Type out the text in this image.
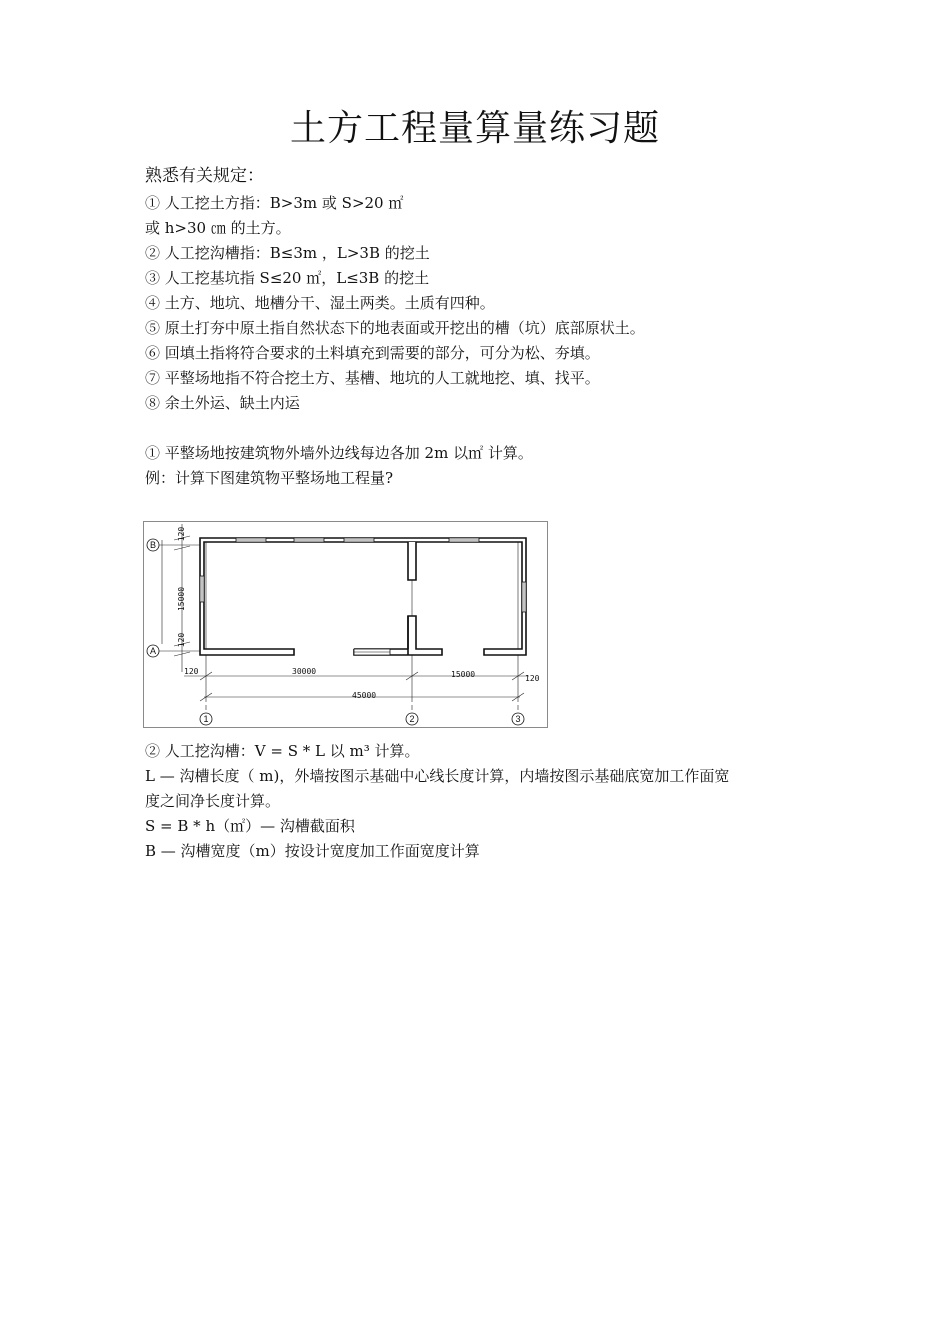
土方工程量算量练习题
熟悉有关规定：
① 人工挖土方指：B>3m 或 S>20 ㎡
或 h>30 ㎝ 的土方。
② 人工挖沟槽指：B≤3m ，L>3B 的挖土
③ 人工挖基坑指 S≤20 ㎡，L≤3B 的挖土
④ 土方、地坑、地槽分干、湿土两类。土质有四种。
⑤ 原土打夯中原土指自然状态下的地表面或开挖出的槽（坑）底部原状土。
⑥ 回填土指将符合要求的土料填充到需要的部分，可分为松、夯填。
⑦ 平整场地指不符合挖土方、基槽、地坑的人工就地挖、填、找平。
⑧ 余土外运、缺土内运
① 平整场地按建筑物外墙外边线每边各加 2m 以㎡ 计算。
例：计算下图建筑物平整场地工程量?
B
A
1	2	3
120
15000
120
120	30000	15000	120
45000
② 人工挖沟槽：V = S * L 以 m³ 计算。
L — 沟槽长度（ m)，外墙按图示基础中心线长度计算，内墙按图示基础底宽加工作面宽
度之间净长度计算。
S = B * h（㎡）— 沟槽截面积
B — 沟槽宽度（m）按设计宽度加工作面宽度计算
